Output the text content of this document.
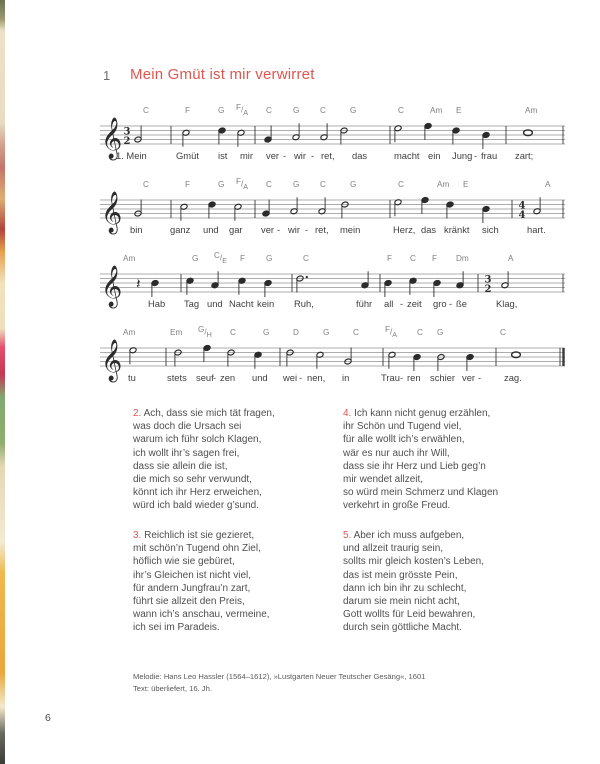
1 Mein Gmüt ist mir verwirret
𝄞 3
2
C	F	G F/A C	G	C	G	C	Am E	Am
1. Mein	Gmüt ist mir ver - wir - ret, das	macht ein Jung - frau zart;
𝄞	4
4
C	F	G F/A C	G	C	G	C	Am E	A
bin	ganz und gar ver - wir - ret, mein	Herz, das kränkt sich	hart.
𝄞	3
2
𝄽
Am	G C/E F	G	C	F C F Dm	A
Hab Tag und Nacht kein Ruh,	führ all - zeit gro - ße	Klag,
𝄞
Am	Em G/H C	G	D	G	C	F/A C G	C
tu	stets seuf - zen und wei - nen, in	Trau - ren schier ver - zag.
2. Ach, dass sie mich tät fragen,
was doch die Ursach sei
warum ich führ solch Klagen,
ich wollt ihr’s sagen frei,
dass sie allein die ist,
die mich so sehr verwundt,
könnt ich ihr Herz erweichen,
würd ich bald wieder g’sund.
3. Reichlich ist sie gezieret,
mit schön’n Tugend ohn Ziel,
höflich wie sie gebüret,
ihr’s Gleichen ist nicht viel,
für andern Jungfrau’n zart,
führt sie allzeit den Preis,
wann ich’s anschau, vermeine,
ich sei im Paradeis.
4. Ich kann nicht genug erzählen,
ihr Schön und Tugend viel,
für alle wollt ich’s erwählen,
wär es nur auch ihr Will,
dass sie ihr Herz und Lieb geg’n
mir wendet allzeit,
so würd mein Schmerz und Klagen
verkehrt in große Freud.
5. Aber ich muss aufgeben,
und allzeit traurig sein,
sollts mir gleich kosten’s Leben,
das ist mein grösste Pein,
dann ich bin ihr zu schlecht,
darum sie mein nicht acht,
Gott wollts für Leid bewahren,
durch sein göttliche Macht.
Melodie: Hans Leo Hassler (1564–1612), »Lustgarten Neuer Teutscher Gesäng«, 1601
Text: überliefert, 16. Jh.
6
